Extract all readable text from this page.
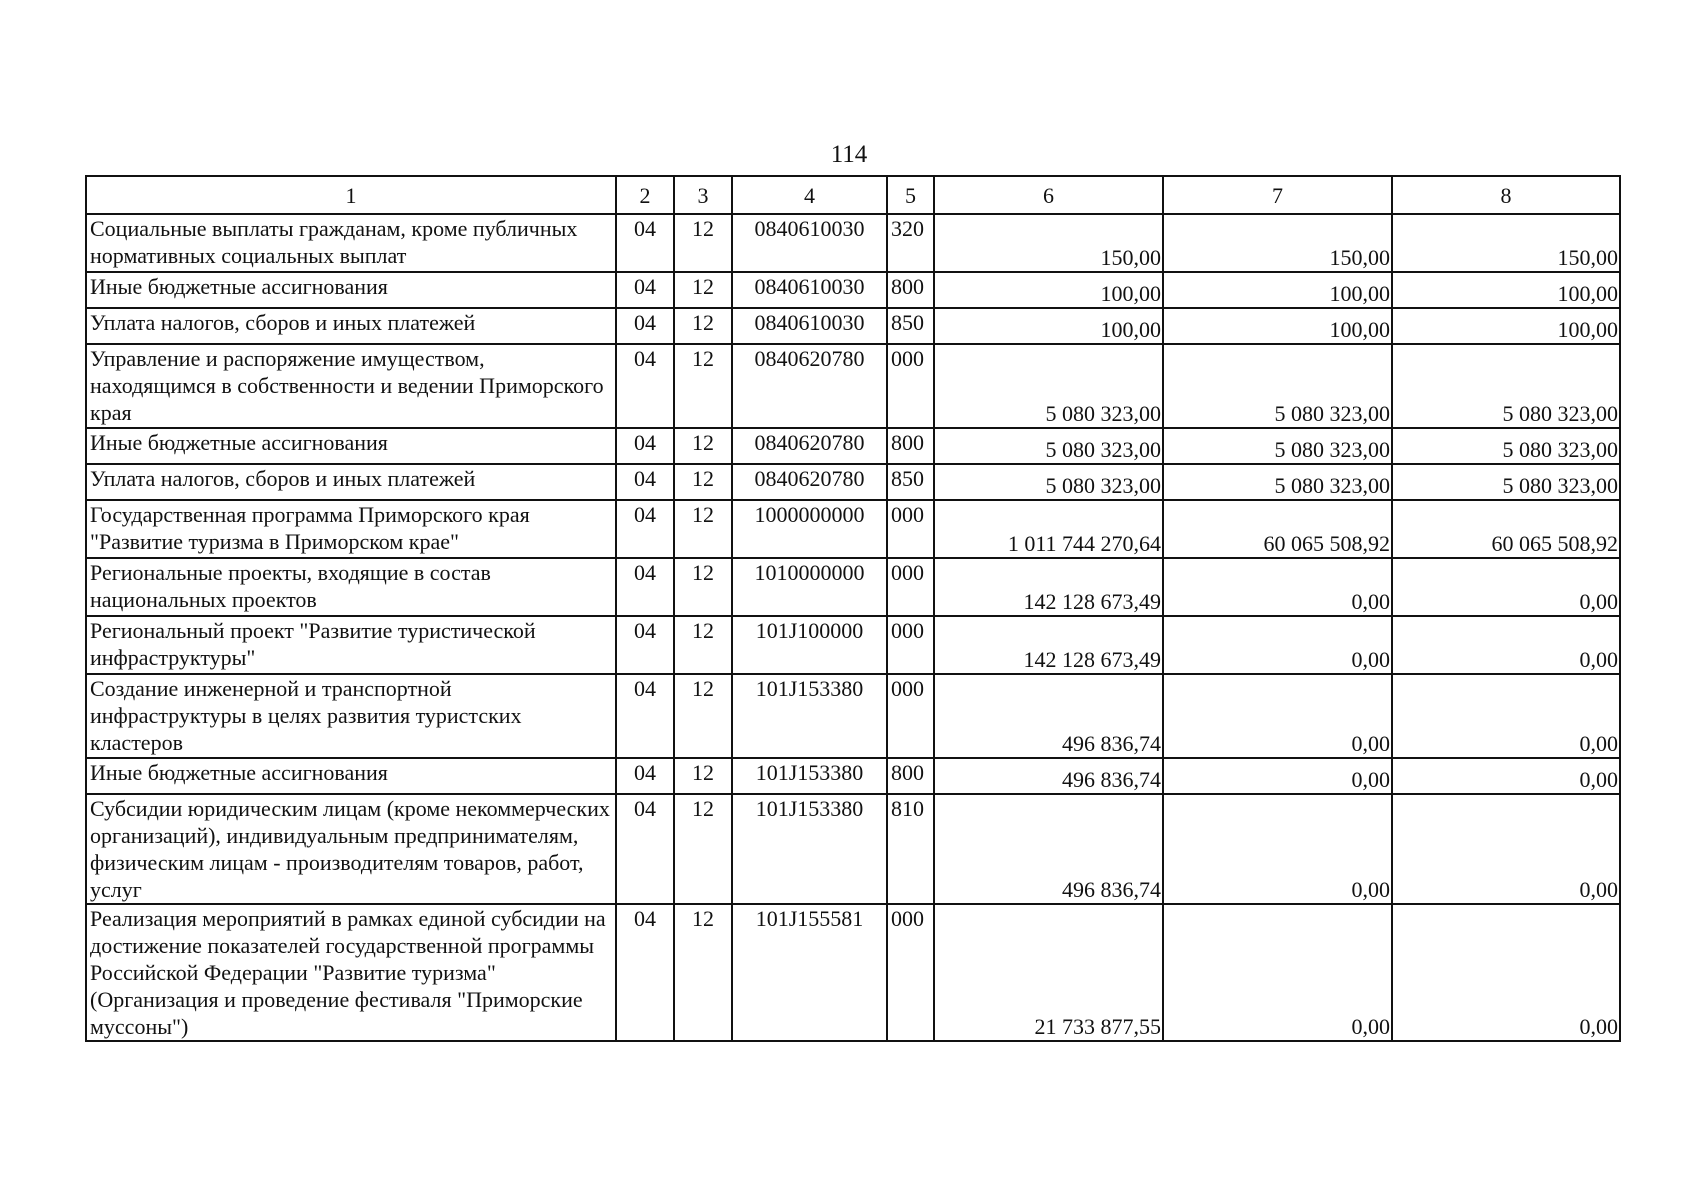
114
1	2	3	4	5	6	7	8
Социальные выплаты гражданам, кроме публичных нормативных социальных выплат	04	12	0840610030	320	150,00	150,00	150,00

Иные бюджетные ассигнования	04	12	0840610030	800	100,00	100,00	100,00

Уплата налогов, сборов и иных платежей	04	12	0840610030	850	100,00	100,00	100,00

Управление и распоряжение имуществом, находящимся в собственности и ведении Приморского края	04	12	0840620780	000	5 080 323,00	5 080 323,00	5 080 323,00

Иные бюджетные ассигнования	04	12	0840620780	800	5 080 323,00	5 080 323,00	5 080 323,00

Уплата налогов, сборов и иных платежей	04	12	0840620780	850	5 080 323,00	5 080 323,00	5 080 323,00

Государственная программа Приморского края "Развитие туризма в Приморском крае"	04	12	1000000000	000	1 011 744 270,64	60 065 508,92	60 065 508,92

Региональные проекты, входящие в состав национальных проектов	04	12	1010000000	000	142 128 673,49	0,00	0,00

Региональный проект "Развитие туристической инфраструктуры"	04	12	101J100000	000	142 128 673,49	0,00	0,00

Создание инженерной и транспортной инфраструктуры в целях развития туристских кластеров	04	12	101J153380	000	496 836,74	0,00	0,00

Иные бюджетные ассигнования	04	12	101J153380	800	496 836,74	0,00	0,00

Субсидии юридическим лицам (кроме некоммерческих организаций), индивидуальным предпринимателям, физическим лицам - производителям товаров, работ, услуг	04	12	101J153380	810	496 836,74	0,00	0,00

Реализация мероприятий в рамках единой субсидии на достижение показателей государственной программы Российской Федерации "Развитие туризма" (Организация и проведение фестиваля "Приморские муссоны")	04	12	101J155581	000	21 733 877,55	0,00	0,00
